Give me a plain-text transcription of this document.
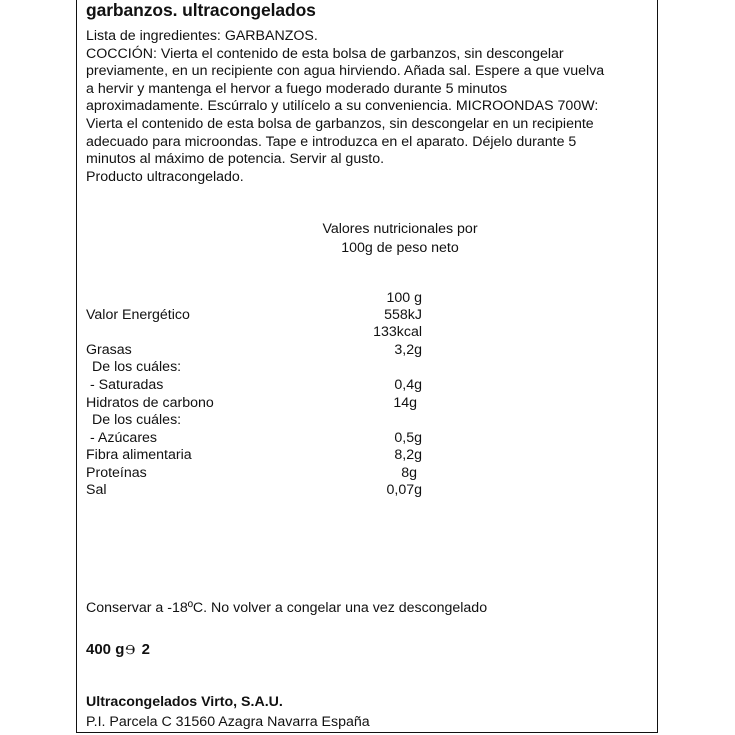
garbanzos. ultracongelados
Lista de ingredientes: GARBANZOS.
COCCIÓN: Vierta el contenido de esta bolsa de garbanzos, sin descongelar
previamente, en un recipiente con agua hirviendo. Añada sal. Espere a que vuelva
a hervir y mantenga el hervor a fuego moderado durante 5 minutos
aproximadamente. Escúrralo y utilícelo a su conveniencia. MICROONDAS 700W:
Vierta el contenido de esta bolsa de garbanzos, sin descongelar en un recipiente
adecuado para microondas. Tape e introduzca en el aparato. Déjelo durante 5
minutos al máximo de potencia. Servir al gusto.
Producto ultracongelado.
Valores nutricionales por
100g de peso neto
100 g
Valor Energético	558kJ
133kcal
Grasas	3,2g
De los cuáles:
- Saturadas	0,4g
Hidratos de carbono	14g
De los cuáles:
- Azúcares	0,5g
Fibra alimentaria	8,2g
Proteínas	8g
Sal	0,07g
Conservar a -18ºC. No volver a congelar una vez descongelado
400 g℮ 2
Ultracongelados Virto, S.A.U.
P.I. Parcela C 31560 Azagra Navarra España
